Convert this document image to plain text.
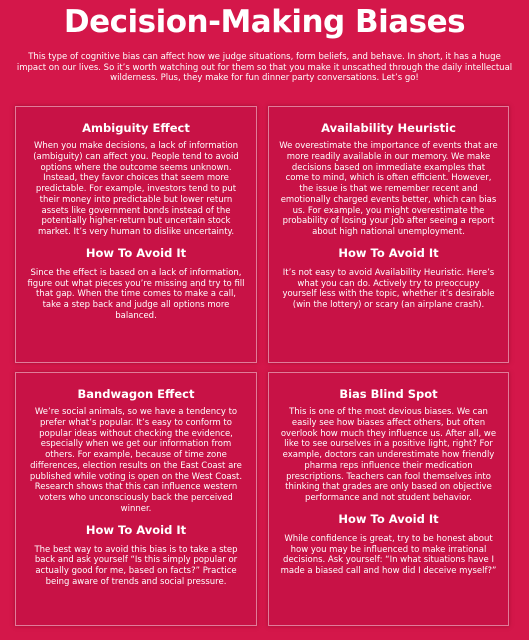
Decision-Making Biases
This type of cognitive bias can affect how we judge situations, form beliefs, and behave. In short, it has a huge impact on our lives. So it’s worth watching out for them so that you make it unscathed through the daily intellectual wilderness. Plus, they make for fun dinner party conversations. Let’s go!
Ambiguity Effect

When you make decisions, a lack of information (ambiguity) can affect you. People tend to avoid options where the outcome seems unknown. Instead, they favor choices that seem more predictable. For example, investors tend to put their money into predictable but lower return assets like government bonds instead of the potentially higher-return but uncertain stock market. It’s very human to dislike uncertainty.

How To Avoid It

Since the effect is based on a lack of information, figure out what pieces you’re missing and try to fill that gap. When the time comes to make a call, take a step back and judge all options more balanced.

Availability Heuristic

We overestimate the importance of events that are more readily available in our memory. We make decisions based on immediate examples that come to mind, which is often efficient. However, the issue is that we remember recent and emotionally charged events better, which can bias us. For example, you might overestimate the probability of losing your job after seeing a report about high national unemployment.

How To Avoid It

It’s not easy to avoid Availability Heuristic. Here’s what you can do. Actively try to preoccupy yourself less with the topic, whether it’s desirable (win the lottery) or scary (an airplane crash).

Bandwagon Effect

We’re social animals, so we have a tendency to prefer what’s popular. It’s easy to conform to popular ideas without checking the evidence, especially when we get our information from others. For example, because of time zone differences, election results on the East Coast are published while voting is open on the West Coast. Research shows that this can influence western voters who unconsciously back the perceived winner.

How To Avoid It

The best way to avoid this bias is to take a step back and ask yourself “Is this simply popular or actually good for me, based on facts?” Practice being aware of trends and social pressure.

Bias Blind Spot

This is one of the most devious biases. We can easily see how biases affect others, but often overlook how much they influence us. After all, we like to see ourselves in a positive light, right? For example, doctors can underestimate how friendly pharma reps influence their medication prescriptions. Teachers can fool themselves into thinking that grades are only based on objective performance and not student behavior.

How To Avoid It

While confidence is great, try to be honest about how you may be influenced to make irrational decisions. Ask yourself: “In what situations have I made a biased call and how did I deceive myself?”
